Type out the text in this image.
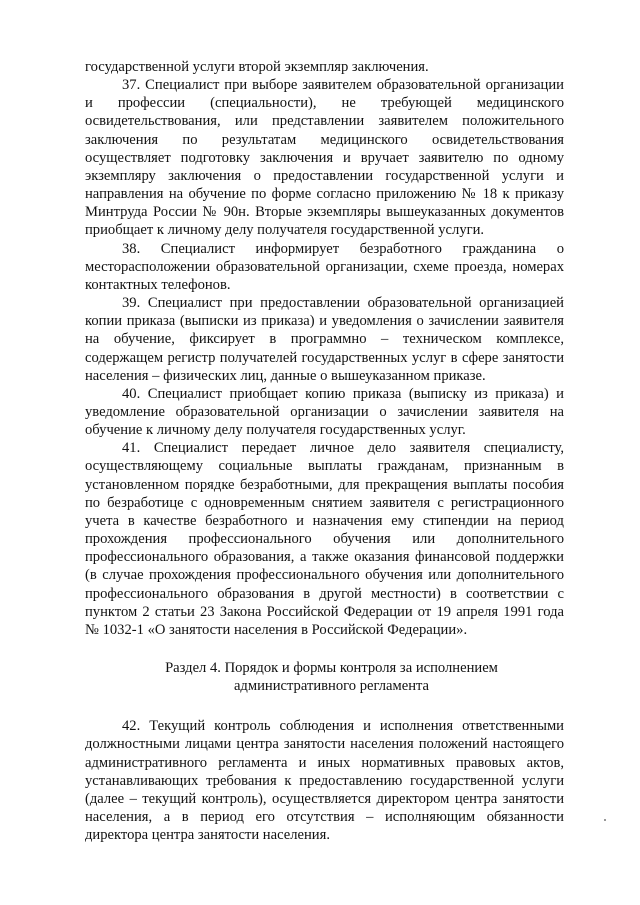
государственной услуги второй экземпляр заключения.

37. Специалист при выборе заявителем образовательной организации и профессии (специальности), не требующей медицинского освидетельствования, или представлении заявителем положительного заключения по результатам медицинского освидетельствования осуществляет подготовку заключения и вручает заявителю по одному экземпляру заключения о предоставлении государственной услуги и направления на обучение по форме согласно приложению № 18 к приказу Минтруда России № 90н. Вторые экземпляры вышеуказанных документов приобщает к личному делу получателя государственной услуги.

38. Специалист информирует безработного гражданина о месторасположении образовательной организации, схеме проезда, номерах контактных телефонов.

39. Специалист при предоставлении образовательной организацией копии приказа (выписки из приказа) и уведомления о зачислении заявителя на обучение, фиксирует в программно – техническом комплексе, содержащем регистр получателей государственных услуг в сфере занятости населения – физических лиц, данные о вышеуказанном приказе.

40. Специалист приобщает копию приказа (выписку из приказа) и уведомление образовательной организации о зачислении заявителя на обучение к личному делу получателя государственных услуг.

41. Специалист передает личное дело заявителя специалисту, осуществляющему социальные выплаты гражданам, признанным в установленном порядке безработными, для прекращения выплаты пособия по безработице с одновременным снятием заявителя с регистрационного учета в качестве безработного и назначения ему стипендии на период прохождения профессионального обучения или дополнительного профессионального образования, а также оказания финансовой поддержки (в случае прохождения профессионального обучения или дополнительного профессионального образования в другой местности) в соответствии с пунктом 2 статьи 23 Закона Российской Федерации от 19 апреля 1991 года № 1032-1 «О занятости населения в Российской Федерации».

Раздел 4. Порядок и формы контроля за исполнением
административного регламента

42. Текущий контроль соблюдения и исполнения ответственными должностными лицами центра занятости населения положений настоящего административного регламента и иных нормативных правовых актов, устанавливающих требования к предоставлению государственной услуги (далее – текущий контроль), осуществляется директором центра занятости населения, а в период его отсутствия – исполняющим обязанности директора центра занятости населения.
